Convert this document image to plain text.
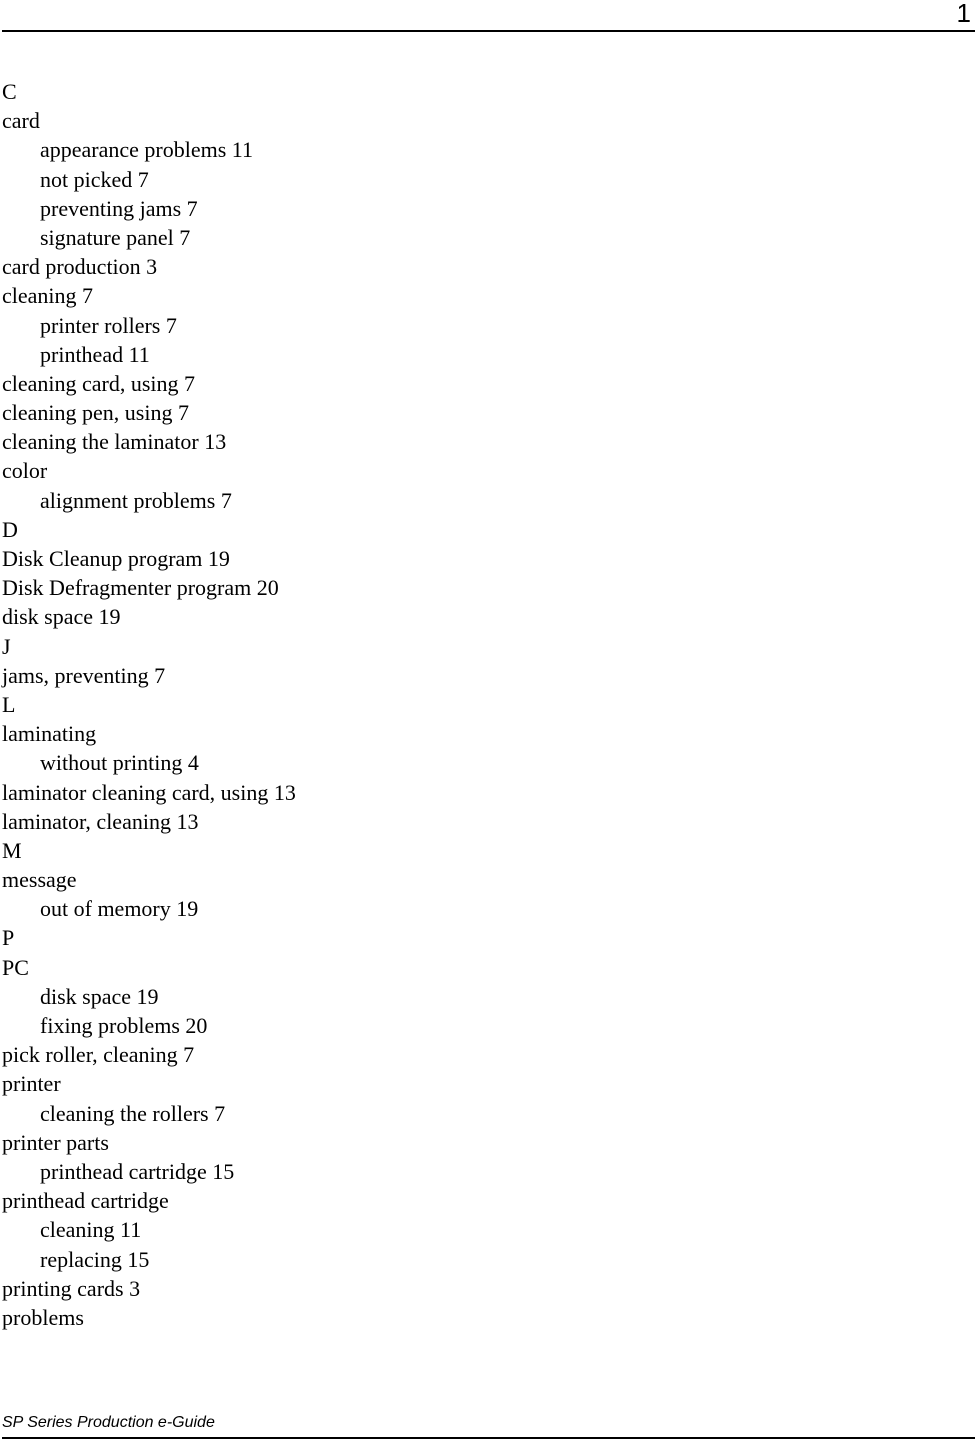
1
C
card
appearance problems 11
not picked 7
preventing jams 7
signature panel 7
card production 3
cleaning 7
printer rollers 7
printhead 11
cleaning card, using 7
cleaning pen, using 7
cleaning the laminator 13
color
alignment problems 7
D
Disk Cleanup program 19
Disk Defragmenter program 20
disk space 19
J
jams, preventing 7
L
laminating
without printing 4
laminator cleaning card, using 13
laminator, cleaning 13
M
message
out of memory 19
P
PC
disk space 19
fixing problems 20
pick roller, cleaning 7
printer
cleaning the rollers 7
printer parts
printhead cartridge 15
printhead cartridge
cleaning 11
replacing 15
printing cards 3
problems
SP Series Production e-Guide
